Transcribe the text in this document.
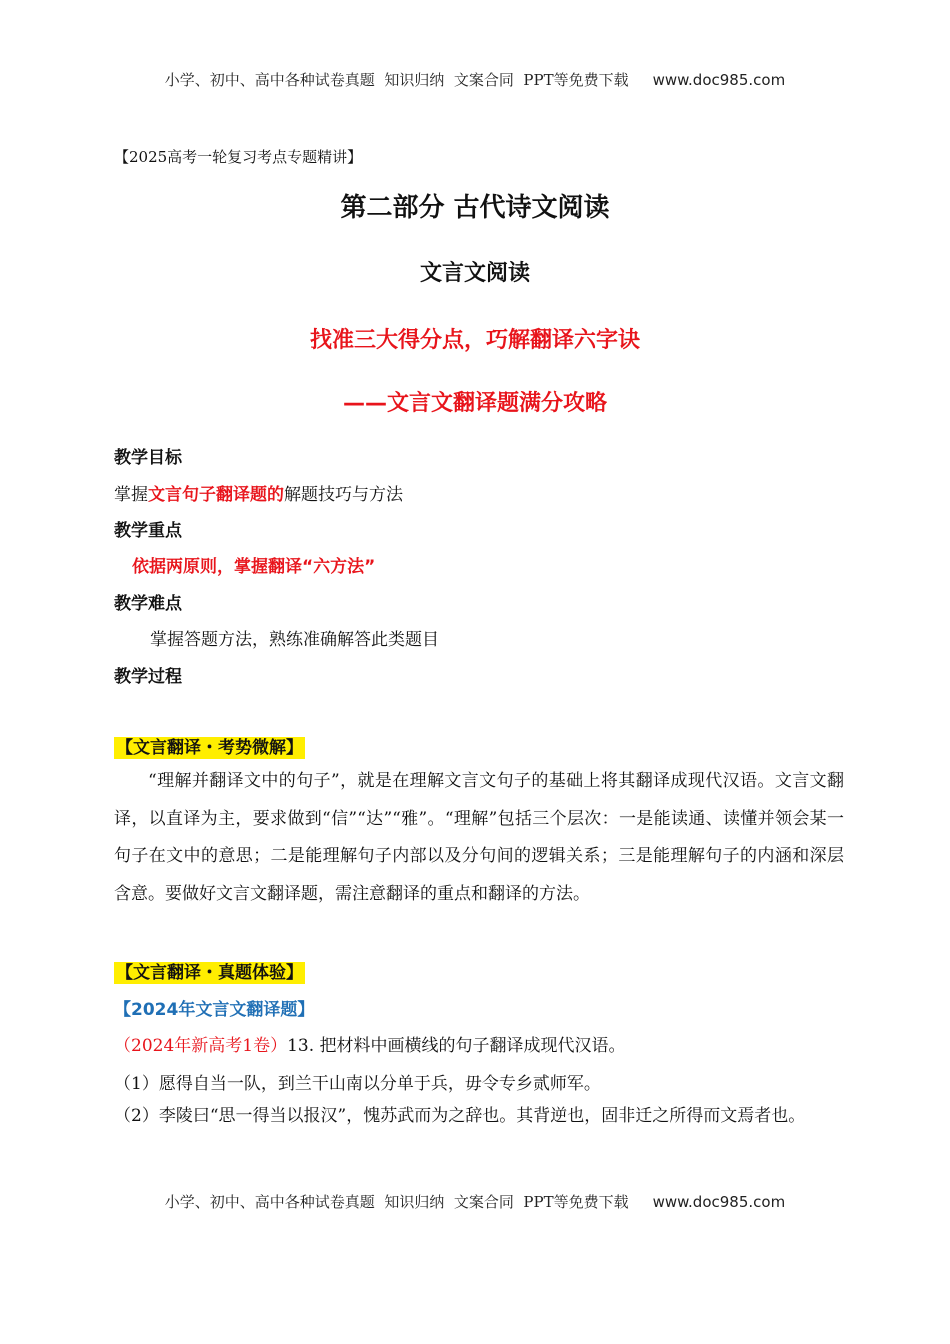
小学、初中、高中各种试卷真题  知识归纳  文案合同  PPT等免费下载 www.doc985.com
【2025高考一轮复习考点专题精讲】
第二部分 古代诗文阅读
文言文阅读
找准三大得分点，巧解翻译六字诀
——文言文翻译题满分攻略
教学目标
掌握文言句子翻译题的解题技巧与方法
教学重点
依据两原则，掌握翻译“六方法”
教学难点
掌握答题方法，熟练准确解答此类题目
教学过程
【文言翻译・考势微解】
“理解并翻译文中的句子”，就是在理解文言文句子的基础上将其翻译成现代汉语。文言文翻译，以直译为主，要求做到“信”“达”“雅”。“理解”包括三个层次：一是能读通、读懂并领会某一句子在文中的意思；二是能理解句子内部以及分句间的逻辑关系；三是能理解句子的内涵和深层含意。要做好文言文翻译题，需注意翻译的重点和翻译的方法。
【文言翻译・真题体验】
【2024年文言文翻译题】
（2024年新高考1卷）13. 把材料中画横线的句子翻译成现代汉语。
（1）愿得自当一队，到兰干山南以分单于兵，毋令专乡贰师军。
（2）李陵曰“思一得当以报汉”，愧苏武而为之辞也。其背逆也，固非迁之所得而文焉者也。
小学、初中、高中各种试卷真题  知识归纳  文案合同  PPT等免费下载 www.doc985.com
